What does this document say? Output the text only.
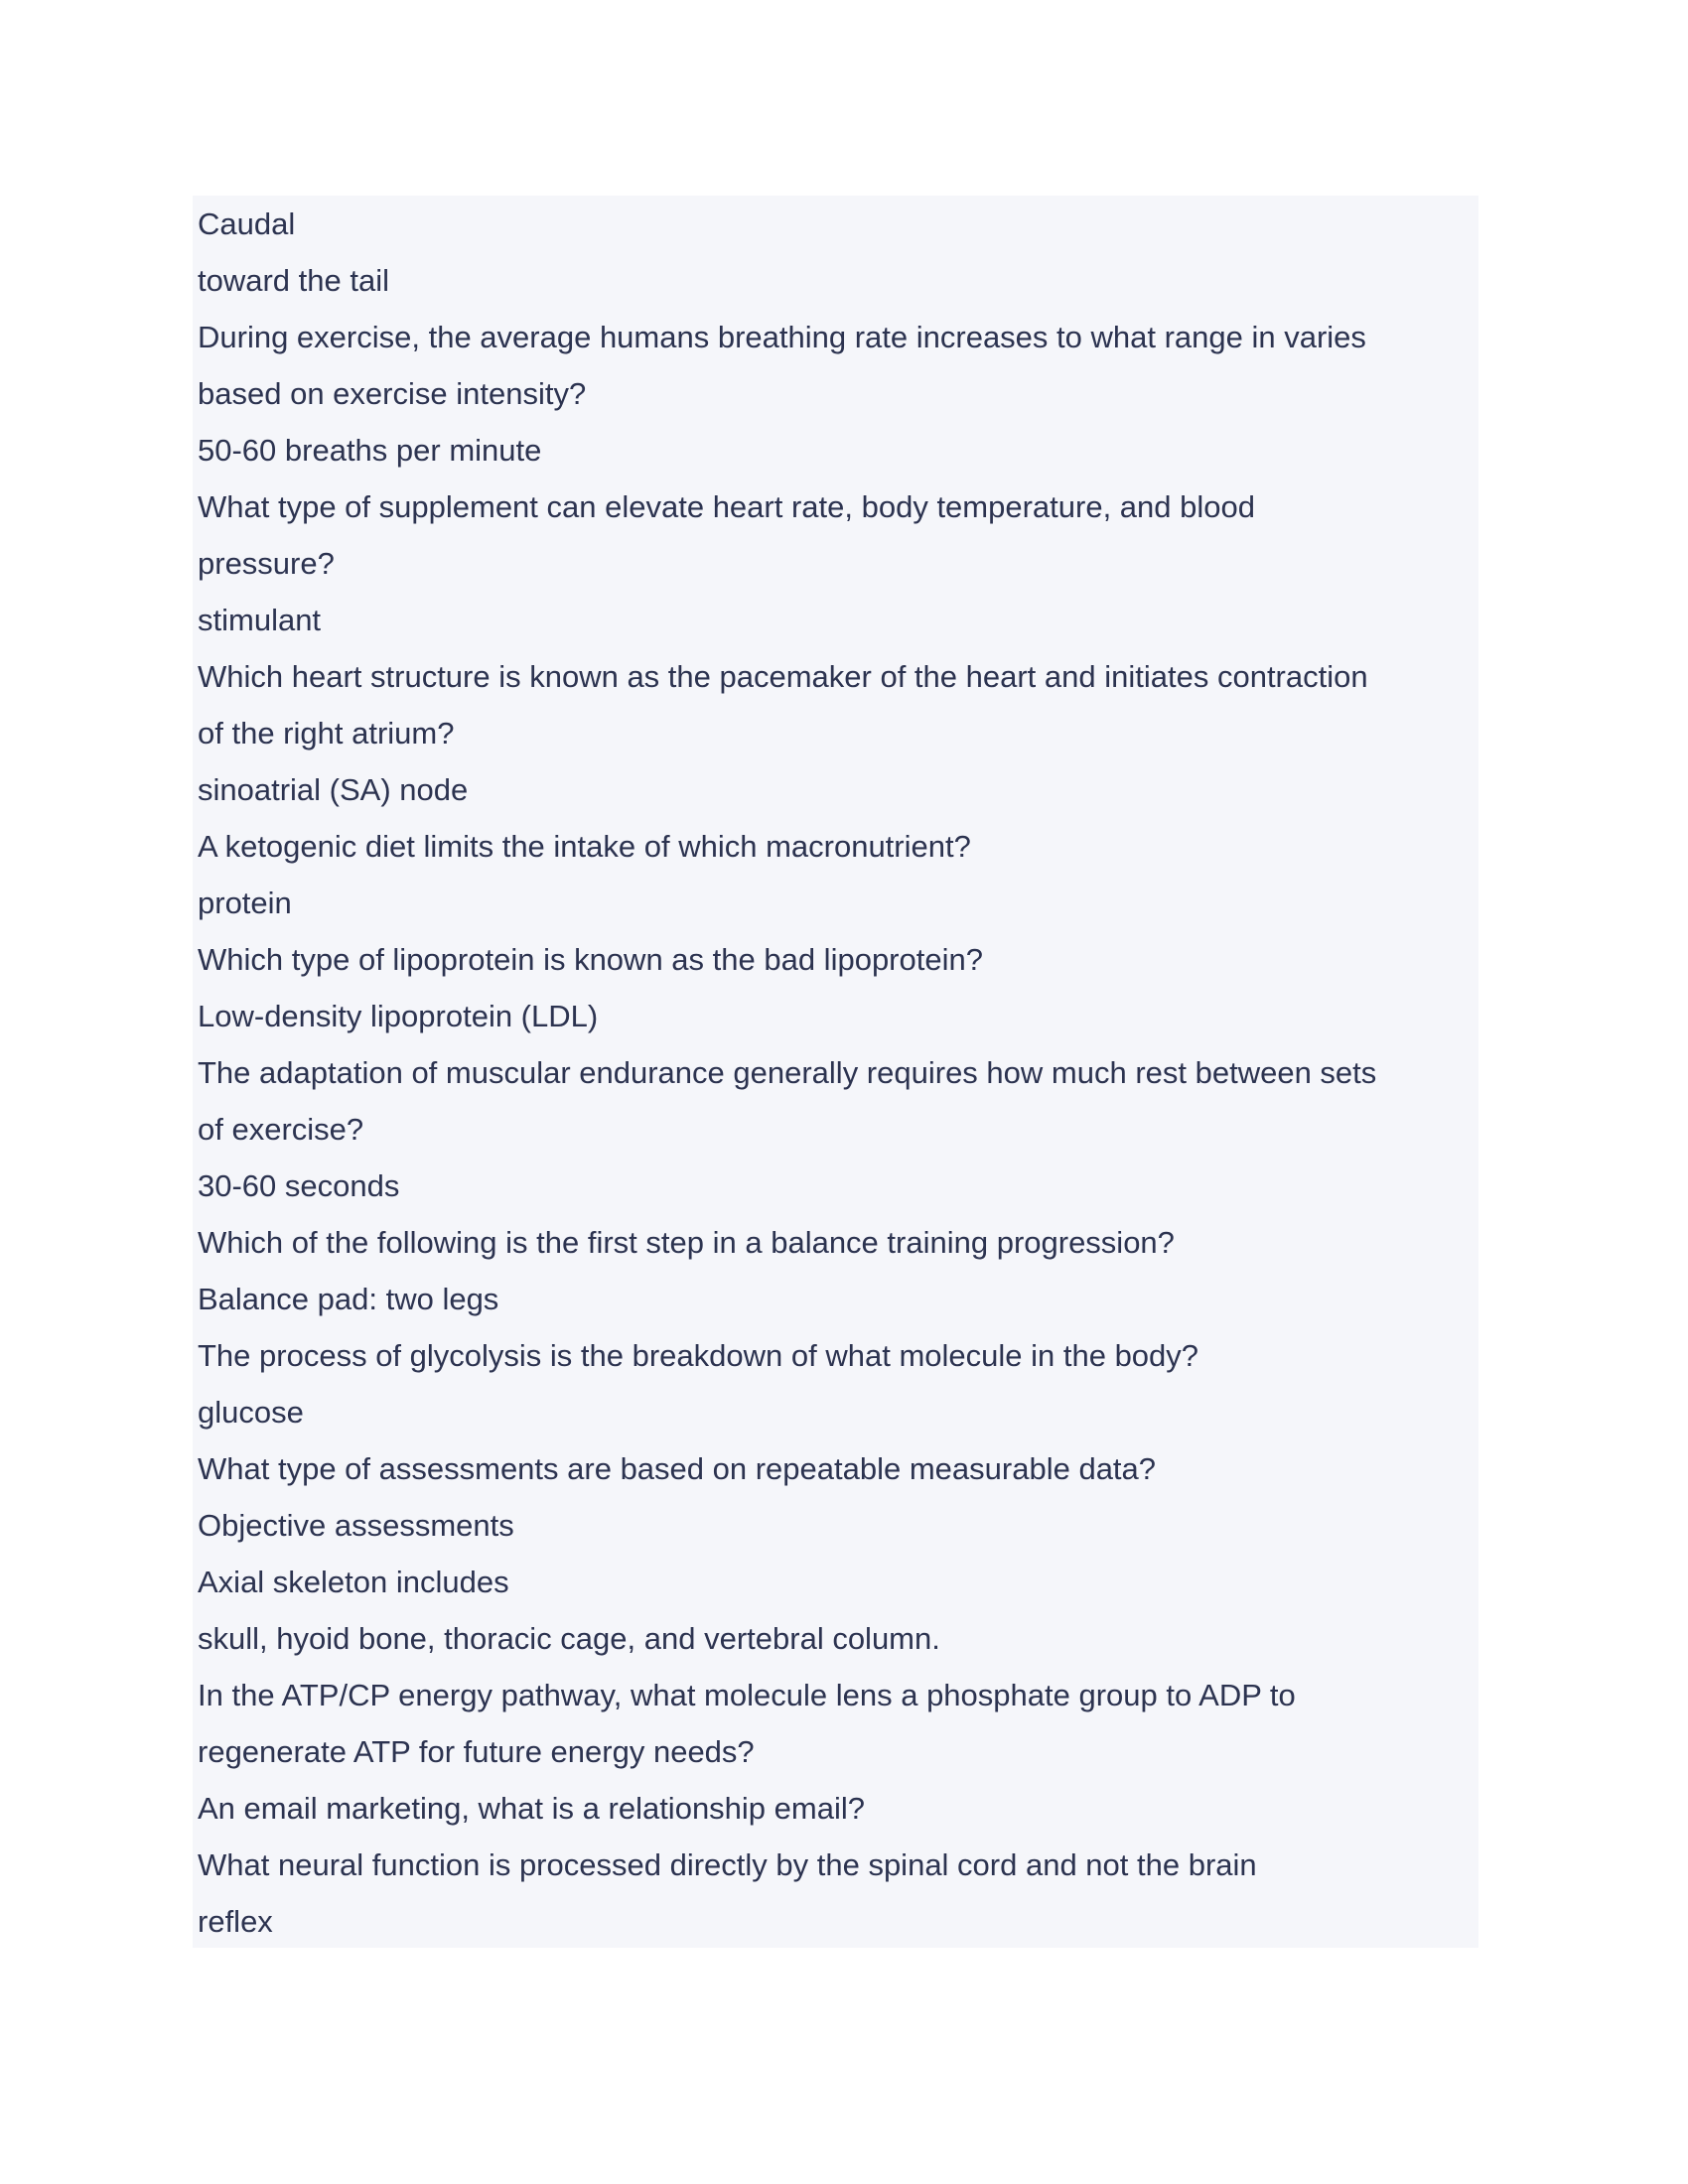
Caudal
toward the tail
During exercise, the average humans breathing rate increases to what range in varies
based on exercise intensity?
50-60 breaths per minute
What type of supplement can elevate heart rate, body temperature, and blood
pressure?
stimulant
Which heart structure is known as the pacemaker of the heart and initiates contraction
of the right atrium?
sinoatrial (SA) node
A ketogenic diet limits the intake of which macronutrient?
protein
Which type of lipoprotein is known as the bad lipoprotein?
Low-density lipoprotein (LDL)
The adaptation of muscular endurance generally requires how much rest between sets
of exercise?
30-60 seconds
Which of the following is the first step in a balance training progression?
Balance pad: two legs
The process of glycolysis is the breakdown of what molecule in the body?
glucose
What type of assessments are based on repeatable measurable data?
Objective assessments
Axial skeleton includes
skull, hyoid bone, thoracic cage, and vertebral column.
In the ATP/CP energy pathway, what molecule lens a phosphate group to ADP to
regenerate ATP for future energy needs?
An email marketing, what is a relationship email?
What neural function is processed directly by the spinal cord and not the brain
reflex
